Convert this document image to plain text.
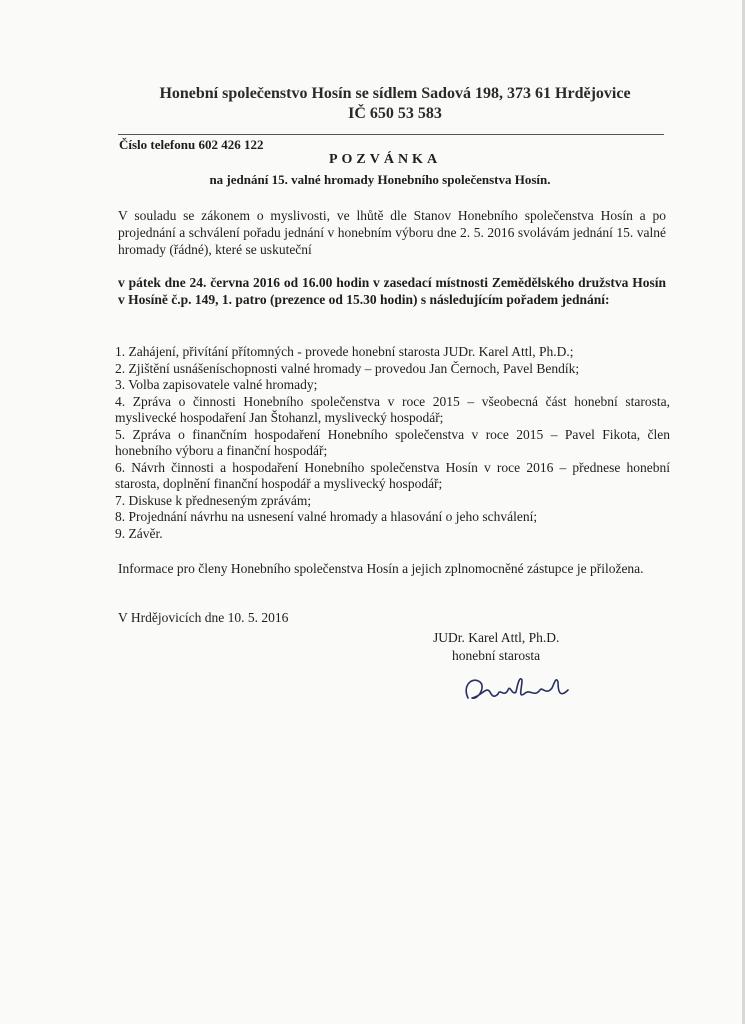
Honební společenstvo Hosín se sídlem Sadová 198, 373 61 Hrdějovice
IČ 650 53 583
Číslo telefonu 602 426 122
POZVÁNKA
na jednání 15. valné hromady Honebního společenstva Hosín.
V souladu se zákonem o myslivosti, ve lhůtě dle Stanov Honebního společenstva Hosín a po projednání a schválení pořadu jednání v honebním výboru dne 2. 5. 2016 svolávám jednání 15. valné hromady (řádné), které se uskuteční
v pátek dne 24. června 2016 od 16.00 hodin v zasedací místnosti Zemědělského družstva Hosín v Hosíně č.p. 149, 1. patro (prezence od 15.30 hodin) s následujícím pořadem jednání:
1. Zahájení, přivítání přítomných - provede honební starosta JUDr. Karel Attl, Ph.D.;
2. Zjištění usnášeníschopnosti valné hromady – provedou Jan Černoch, Pavel Bendík;
3. Volba zapisovatele valné hromady;
4. Zpráva o činnosti Honebního společenstva v roce 2015 – všeobecná část honební starosta, myslivecké hospodaření Jan Štohanzl, myslivecký hospodář;
5. Zpráva o finančním hospodaření Honebního společenstva v roce 2015 – Pavel Fikota, člen honebního výboru a finanční hospodář;
6. Návrh činnosti a hospodaření Honebního společenstva Hosín v roce 2016 – přednese honební starosta, doplnění finanční hospodář a myslivecký hospodář;
7. Diskuse k předneseným zprávám;
8. Projednání návrhu na usnesení valné hromady a hlasování o jeho schválení;
9. Závěr.
Informace pro členy Honebního společenstva Hosín a jejich zplnomocněné zástupce je přiložena.
V Hrdějovicích dne 10. 5. 2016
JUDr. Karel Attl, Ph.D.
honební starosta
